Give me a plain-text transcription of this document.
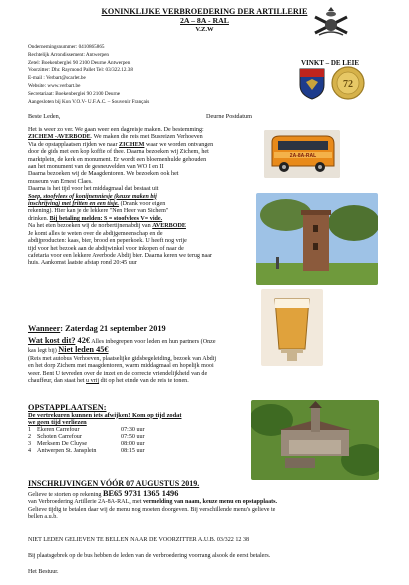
KONINKLIJKE VERBROEDERING DER ARTILLERIE
2A – 8A - RAL
V.Z.W
Ondernemingsnummer: 0410865865
Rechtelijk Arrondissement: Antwerpen
Zetel: Boekenberglei 90 2100 Deurne Antwerpen
Voorzitter: Dhr. Raymond Pallet Tel: 03/322.12.38
E-mail : Verbart@scarlet.be
Website: www.verbart.be
Secretariaat: Boekenberglei 90 2100 Deurne
Aangesloten bij Kon V.O.V- U.F.A.C. – Souvenir Français
VINKT – DE LEIE
72
Beste Leden,	Deurne Postdatum
2A-8A-RAL
Het is weer zo ver. We gaan weer een dagreisje maken. De bestemming:
ZICHEM -AVERBODE. We maken die reis met Busreizen Verhoeven
Via de opstapplaatsen rijden we naar ZICHEM waar we worden ontvangen
door de gids met een kop koffie of thee. Daarna bezoeken wij Zichem, het
marktplein, de kerk en monument. Er wordt een bloemenhulde gehouden
aan het monument van de gesneuvelden van WO I en II
Daarna bezoeken wij de Maagdentoren. We bezoeken ook het
museum van Ernest Claes.
Daarna is het tijd voor het middagmaal dat bestaat uit
Soep, stoofvlees of konijnenniesje (keuze maken bij
inschrijving) met fritten en een tisje. (Drank voor eigen
rekening). Hier kan je de lekkere "Nen Heer van Sichem"
drinken. Bij betaling melden: S = stoofvlees V= vide.
Na het eten bezoeken wij de norbertijnenabdij van AVERBODE
Je komt alles te weten over de abdijgemeenschap en de
abdijproducten: kaas, bier, brood en peperkoek. U heeft nog vrije
tijd voor het bezoek aan de abdijwinkel voor inkopen of naar de
cafetaria voor een lekkere Averbode Abdij bier. Daarna keren we terug naar
huis. Aankomst laatste afstap rond 20:45 uur
Wanneer: Zaterdag 21 september 2019
Wat kost dit? 42€ Alles inbegrepen voor leden en hun partners (Onze
kas legt bij) Niet leden 45€
(Reis met autobus Verhoeven, plaatselijke gidsbegeleiding, bezoek van Abdij
en het dorp Zichem met maagdentoren, warm middagmaal en hopelijk mooi
weer. Bent U tevreden over de inzet en de correcte vriendelijkheid van de
chauffeur, dan staat het u vrij dit op het einde van de reis te tonen.
OPSTAPPLAATSEN:
De vertrekuren kunnen iets afwijken! Kom op tijd zodat
we geen tijd verliezen
1	Ekeren Carrefour	07:30 uur
2	Schoten Carrefour	07:50 uur
3	Merksem De Cluyse	08:00 uur
4	Antwerpen St. Jansplein	08:15 uur
INSCHRIJVINGEN VÓÓR 07 AUGUSTUS 2019.
Gelieve te storten op rekening BE65 9731 1365 1496
van Verbroedering Artillerie 2A-8A-RAL, met vermelding van naam, keuze menu en opstapplaats.
Gelieve tijdig te betalen daar wij de menu nog moeten doorgeven. Bij verschillende menu's gelieve te
bellen a.u.b.
NIET LEDEN GELIEVEN TE BELLEN NAAR DE VOORZITTER A.U.B. 03/322 12 38
Bij plaatsgebrek op de bus hebben de leden van de verbroedering voorrang alsook de eerst betalers.
Het Bestuur.
